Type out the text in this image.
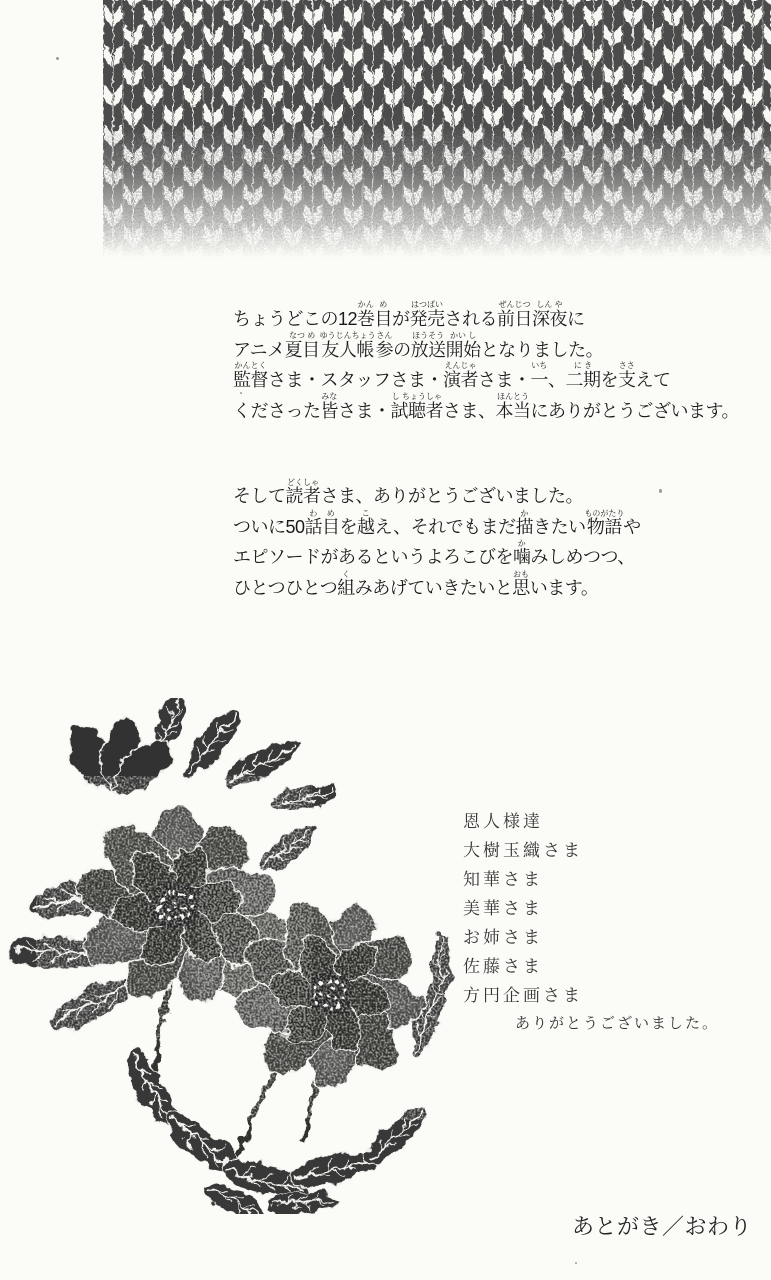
ちょうどこの12巻かん目めが発売はつばいされる前日ぜんじつ深夜しん やに
アニメ夏目なつ め友人帳ゆうじんちょう参さんの放送ほうそう開始かい しとなりました。
監督かんとくさま・スタッフさま・演者えんじゃさま・一いち、二期に きを支ささえて
くださった皆みなさま・試聴者し ちょうしゃさま、本当ほんとうにありがとうございます。
そして読者どくしゃさま、ありがとうございました。
ついに50話わ目めを越こえ、それでもまだ描かきたい物語ものがたりや
エピソードがあるというよろこびを噛かみしめつつ、
ひとつひとつ組くみあげていきたいと思おもいます。
恩人様達
大樹玉織さま
知華さま
美華さま
お姉さま
佐藤さま
方円企画さま
ありがとうございました。
あとがき／おわり
